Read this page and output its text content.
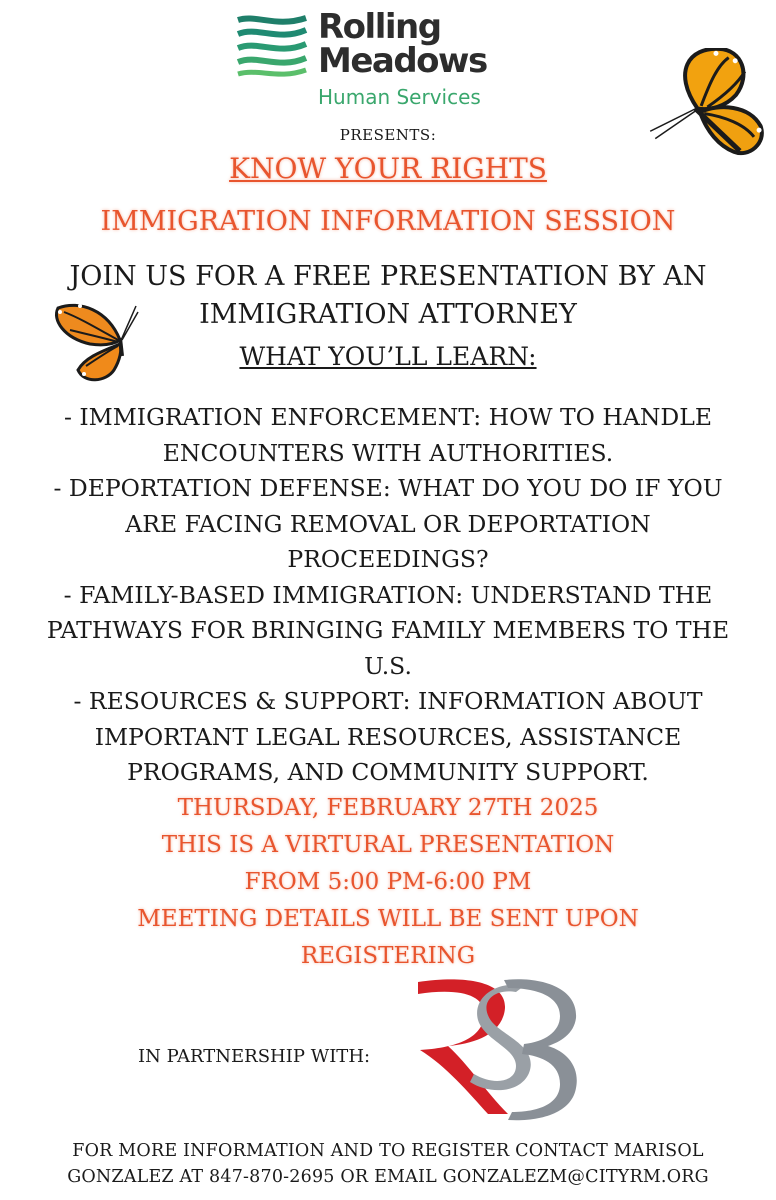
Rolling
Meadows
Human Services
PRESENTS:
KNOW YOUR RIGHTS
IMMIGRATION INFORMATION SESSION
JOIN US FOR A FREE PRESENTATION BY AN
IMMIGRATION ATTORNEY
WHAT YOU’LL LEARN:
- IMMIGRATION ENFORCEMENT: HOW TO HANDLE
ENCOUNTERS WITH AUTHORITIES.
- DEPORTATION DEFENSE: WHAT DO YOU DO IF YOU
ARE FACING REMOVAL OR DEPORTATION
PROCEEDINGS?
- FAMILY-BASED IMMIGRATION: UNDERSTAND THE
PATHWAYS FOR BRINGING FAMILY MEMBERS TO THE
U.S.
- RESOURCES & SUPPORT: INFORMATION ABOUT
IMPORTANT LEGAL RESOURCES, ASSISTANCE
PROGRAMS, AND COMMUNITY SUPPORT.
THURSDAY, FEBRUARY 27TH 2025
THIS IS A VIRTURAL PRESENTATION
FROM 5:00 PM-6:00 PM
MEETING DETAILS WILL BE SENT UPON
REGISTERING
IN PARTNERSHIP WITH:
FOR MORE INFORMATION AND TO REGISTER CONTACT MARISOL
GONZALEZ AT 847-870-2695 OR EMAIL GONZALEZM@CITYRM.ORG
